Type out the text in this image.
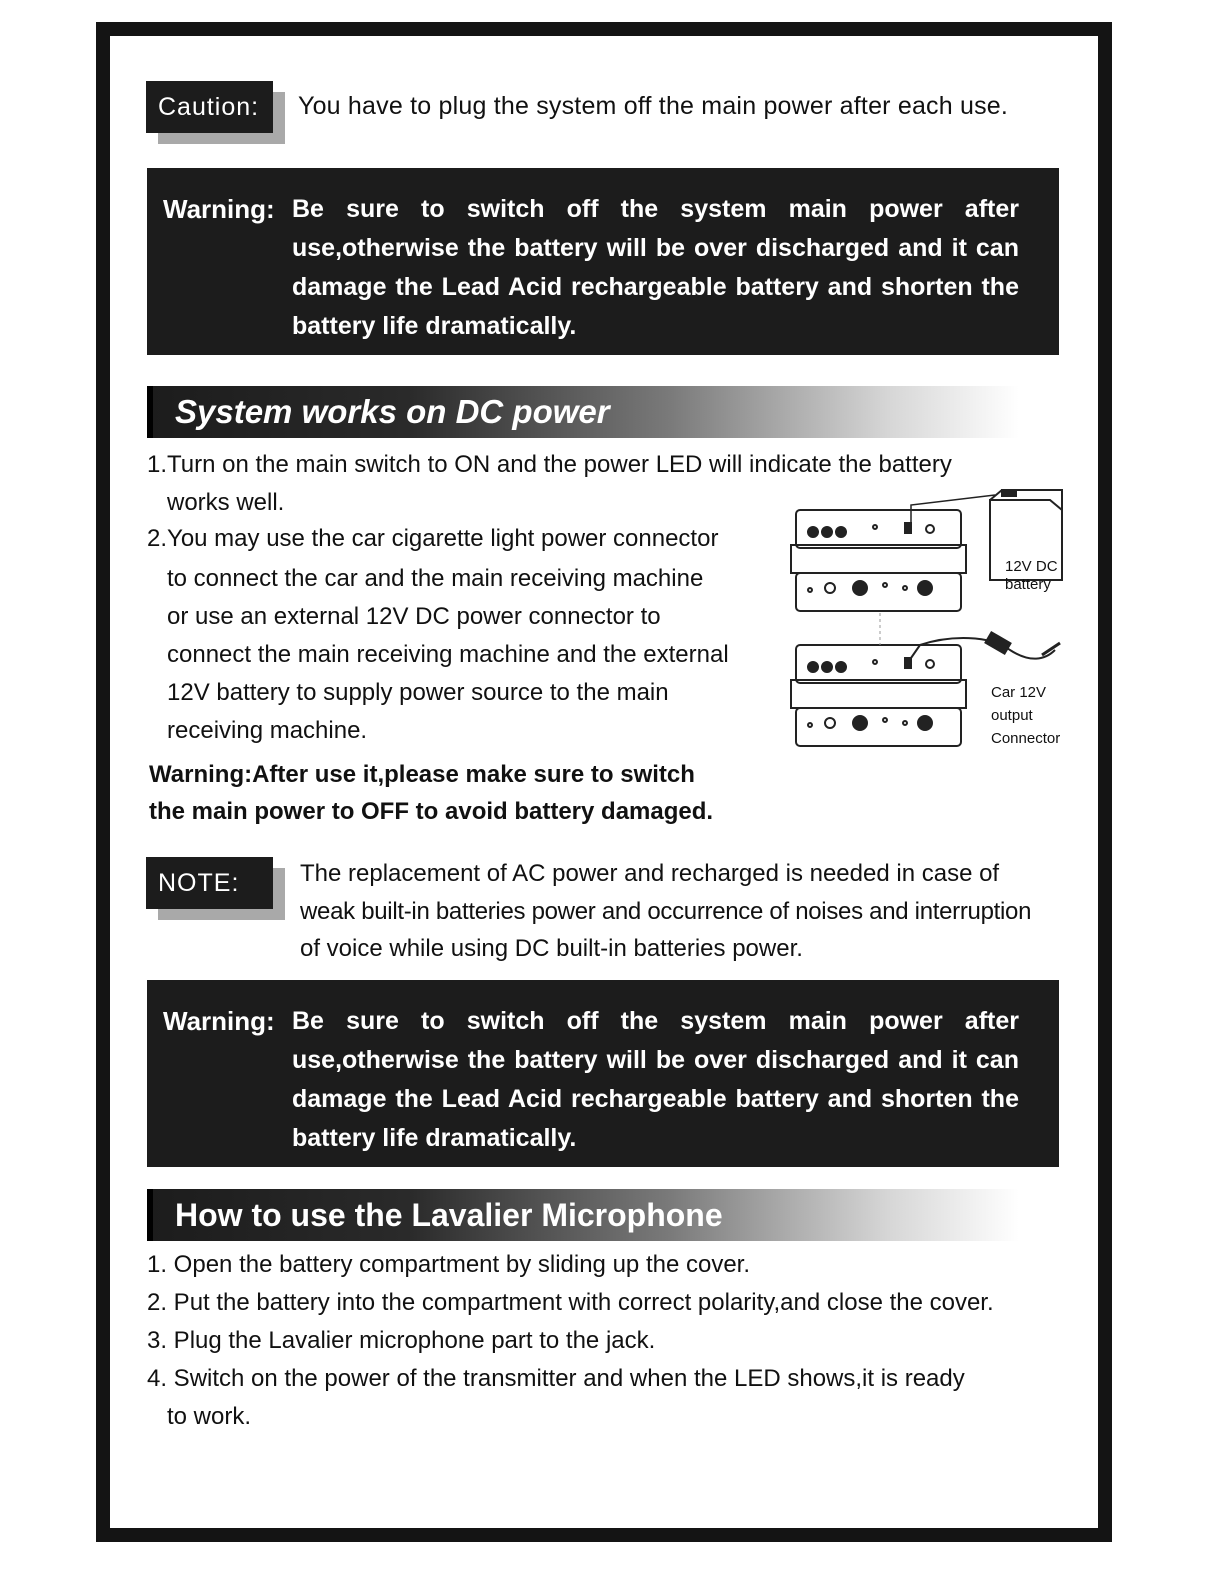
Caution:	You have to plug the system off the main power after each use.
Warning: Be sure to switch off the system main power after use,otherwise the battery will be over discharged and it can damage the Lead Acid rechargeable battery and shorten the battery life dramatically.
System works on DC power
1.Turn on the main switch to ON and the power LED will indicate the battery
works well.
2.You may use the car cigarette light power connector
to connect the car and the main receiving machine
or use an external 12V DC power connector to
connect the main receiving machine and the external
12V battery to supply power source to the main
receiving machine.
Warning:After use it,please make sure to switch
the main power to OFF to avoid battery damaged.
12V DC
battery
Car 12V
output
Connector
NOTE:	The replacement of AC power and recharged is needed in case of
weak built-in batteries power and occurrence of noises and interruption
of voice while using DC built-in batteries power.
Warning: Be sure to switch off the system main power after use,otherwise the battery will be over discharged and it can damage the Lead Acid rechargeable battery and shorten the battery life dramatically.
How to use the Lavalier Microphone
1. Open the battery compartment by sliding up the cover.
2. Put the battery into the compartment with correct polarity,and close the cover.
3. Plug the Lavalier microphone part to the jack.
4. Switch on the power of the transmitter and when the LED shows,it is ready
to work.
